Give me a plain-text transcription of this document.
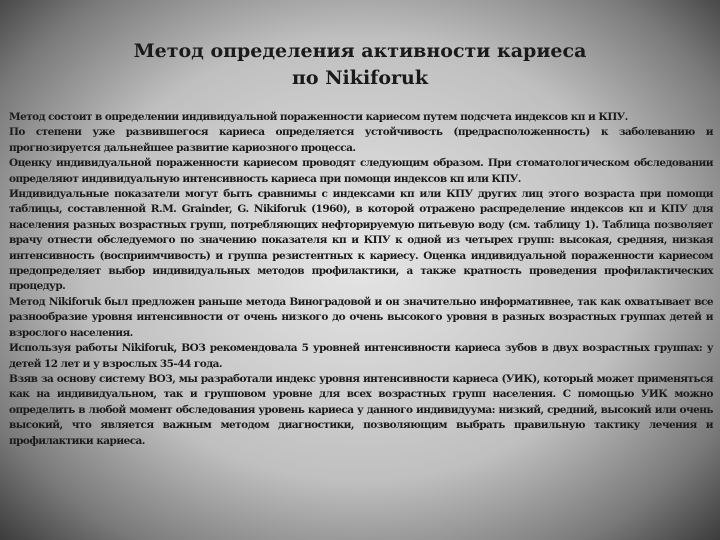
Метод определения активности кариеса
по Nikiforuk

Метод состоит в определении индивидуальной пораженности кариесом путем подсчета индексов кп и КПУ.

По степени уже развившегося кариеса определяется устойчивость (предрасположенность) к заболеванию и прогнозируется дальнейшее развитие кариозного процесса.

Оценку индивидуальной пораженности кариесом проводят следующим образом. При стоматологическом обследовании определяют индивидуальную интенсивность кариеса при помощи индексов кп или КПУ.

Индивидуальные показатели могут быть сравнимы с индексами кп или КПУ других лиц этого возраста при помощи таблицы, составленной R.M. Grainder, G. Nikiforuk (1960), в которой отражено распределение индексов кп и КПУ для населения разных возрастных групп, потребляющих нефторируемую питьевую воду (см. таблицу 1). Таблица позволяет врачу отнести обследуемого по значению показателя кп и КПУ к одной из четырех групп: высокая, средняя, низкая интенсивность (восприимчивость) и группа резистентных к кариесу. Оценка индивидуальной пораженности кариесом предопределяет выбор индивидуальных методов профилактики, а также кратность проведения профилактических процедур.

Метод Nikiforuk был предложен раньше метода Виноградовой и он значительно информативнее, так как охватывает все разнообразие уровня интенсивности от очень низкого до очень высокого уровня в разных возрастных группах детей и взрослого населения.

Используя работы Nikiforuk, ВОЗ рекомендовала 5 уровней интенсивности кариеса зубов в двух возрастных группах: у детей 12 лет и у взрослых 35-44 года.

Взяв за основу систему ВОЗ, мы разработали индекс уровня интенсивности кариеса (УИК), который может применяться как на индивидуальном, так и групповом уровне для всех возрастных групп населения. С помощью УИК можно определить в любой момент обследования уровень кариеса у данного индивидуума: низкий, средний, высокий или очень высокий, что является важным методом диагностики, позволяющим выбрать правильную тактику лечения и профилактики кариеса.
